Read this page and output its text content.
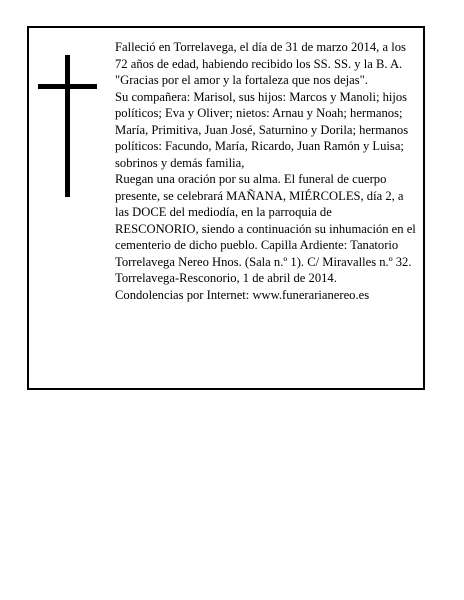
Falleció en Torrelavega, el día de 31 de marzo 2014, a los 72 años de edad, habiendo recibido los SS. SS. y la B. A.

"Gracias por el amor y la fortaleza que nos dejas".

Su compañera: Marisol, sus hijos: Marcos y Manoli; hijos políticos; Eva y Oliver; nietos: Arnau y Noah; hermanos; María, Primitiva, Juan José, Saturnino y Dorila; hermanos políticos: Facundo, María, Ricardo, Juan Ramón y Luisa; sobrinos y demás familia,

Ruegan una oración por su alma. El funeral de cuerpo presente, se celebrará MAÑANA, MIÉRCOLES, día 2, a las DOCE del mediodía, en la parroquia de RESCONORIO, siendo a continuación su inhumación en el cementerio de dicho pueblo. Capilla Ardiente: Tanatorio Torrelavega Nereo Hnos. (Sala n.º 1). C/ Miravalles n.º 32.

Torrelavega-Resconorio, 1 de abril de 2014.

Condolencias por Internet: www.funerarianereo.es
